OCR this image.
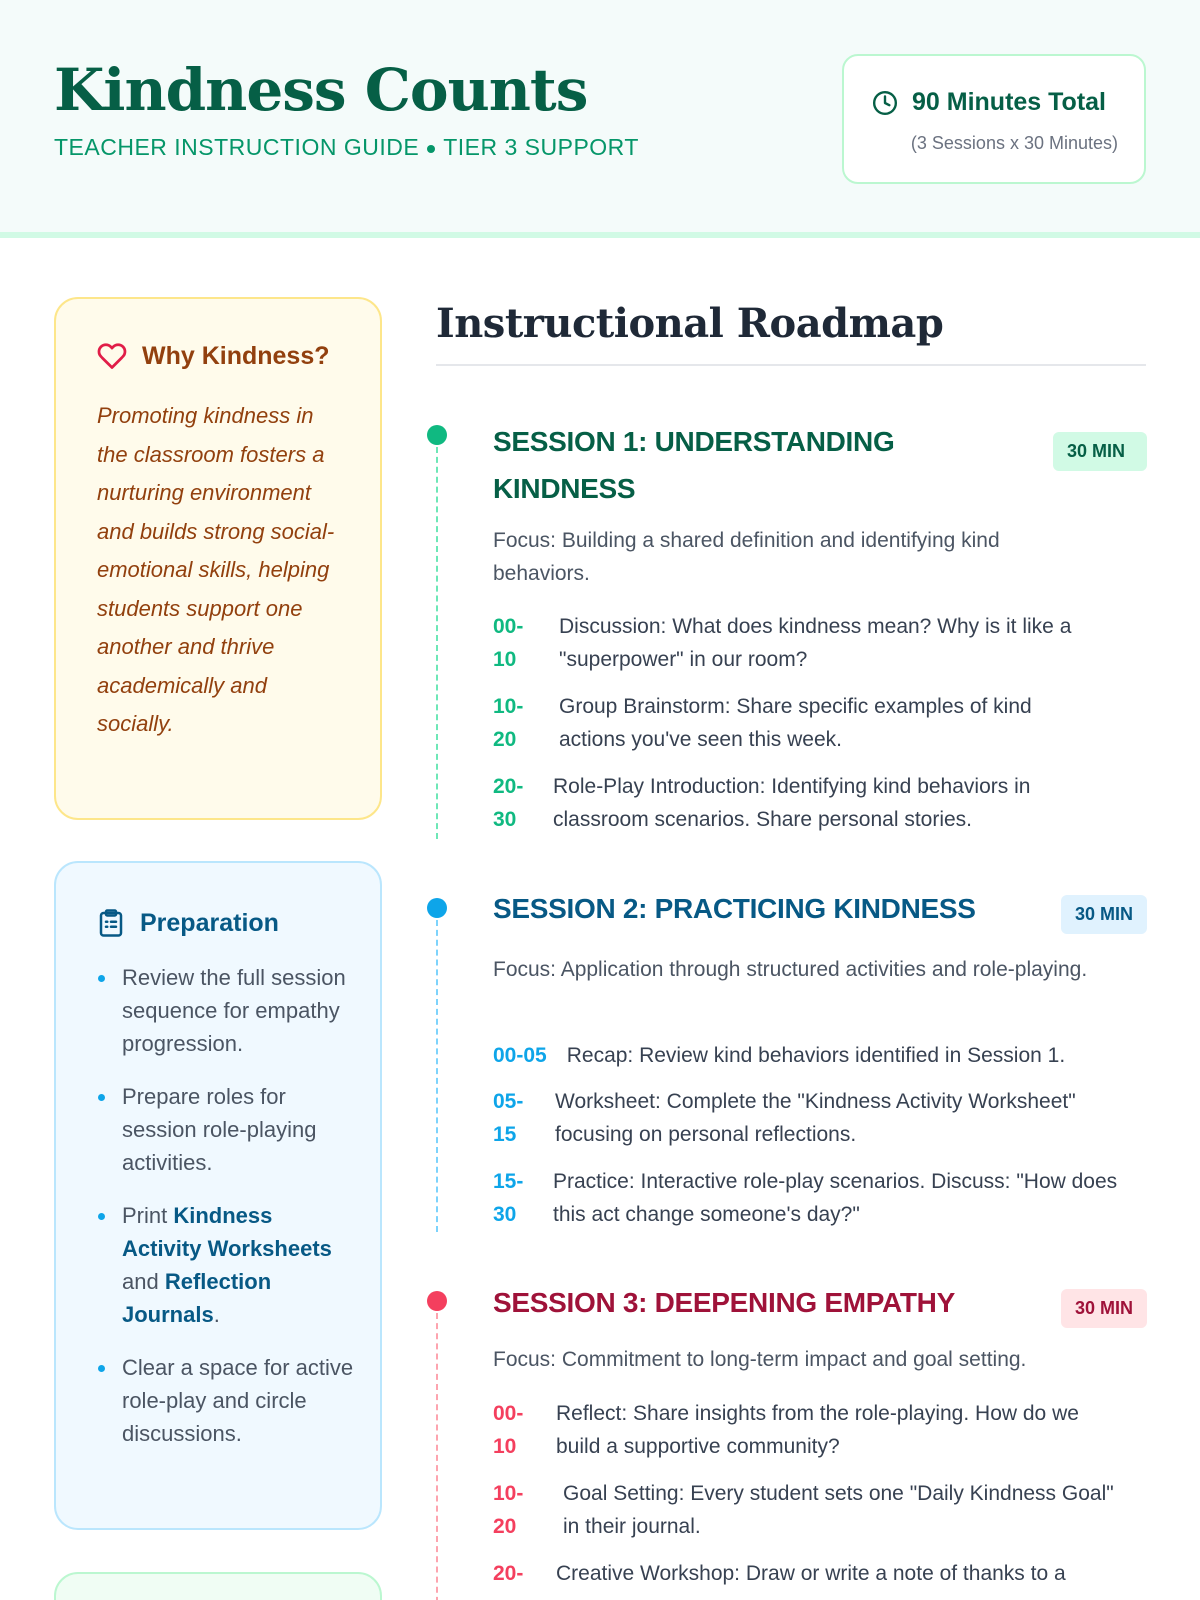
Kindness Counts
TEACHER INSTRUCTION GUIDE TIER 3 SUPPORT
90 Minutes Total
(3 Sessions x 30 Minutes)
Why Kindness?

Promoting kindness in the classroom fosters a nurturing environment and builds strong social-emotional skills, helping students support one another and thrive academically and socially.

Preparation
Review the full session sequence for empathy progression.
Prepare roles for session role-playing activities.
Print Kindness Activity Worksheets and Reflection Journals.
Clear a space for active role-play and circle discussions.
Instructional Roadmap
SESSION 1: UNDERSTANDING KINDNESS
30 MIN
Focus: Building a shared definition and identifying kind behaviors.
00-10
Discussion: What does kindness mean? Why is it like a "superpower" in our room?
10-20
Group Brainstorm: Share specific examples of kind actions you've seen this week.
20-30
Role-Play Introduction: Identifying kind behaviors in classroom scenarios. Share personal stories.
SESSION 2: PRACTICING KINDNESS	30 MIN
Focus: Application through structured activities and role-playing.
00-05 Recap: Review kind behaviors identified in Session 1.
05-15
Worksheet: Complete the "Kindness Activity Worksheet" focusing on personal reflections.
15-30
Practice: Interactive role-play scenarios. Discuss: "How does this act change someone's day?"
SESSION 3: DEEPENING EMPATHY	30 MIN
Focus: Commitment to long-term impact and goal setting.
00-10
Reflect: Share insights from the role-playing. How do we build a supportive community?
10-20
Goal Setting: Every student sets one "Daily Kindness Goal" in their journal.
20-	Creative Workshop: Draw or write a note of thanks to a
